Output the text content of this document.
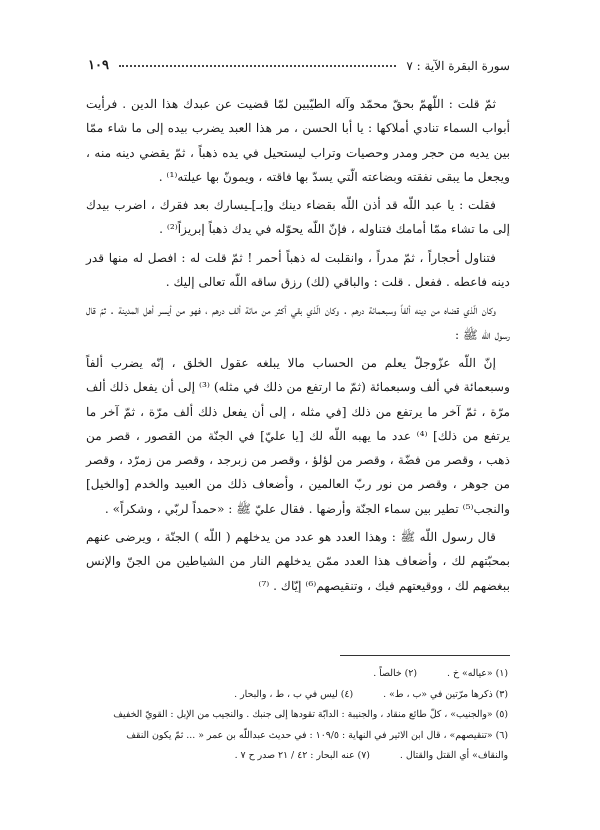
سورة البقرة الآية : ٧
١٠٩

ثمّ قلت : اللّهمّ بحقّ محمّد وآله الطيّبين لمّا قضيت عن عبدك هذا الدين . فرأيت أبواب السماء تنادي أملاكها : يا أبا الحسن ، مر هذا العبد يضرب بيده إلى ما شاء ممّا بين يديه من حجر ومدر وحصيات وتراب ليستحيل في يده ذهباً ، ثمّ يقضي دينه منه ، ويجعل ما يبقى نفقته وبضاعته الّتي يسدّ بها فاقته ، ويمونّ بها عيلته⁽¹⁾ .

فقلت : يا عبد اللّه قد أذن اللّه بقضاء دينك و[بـ]ـيسارك بعد فقرك ، اضرب بيدك إلى ما تشاء ممّا أمامك فتناوله ، فإنّ اللّه يحوّله في يدك ذهباً إبريزاً⁽²⁾ .

فتناول أحجاراً ، ثمّ مدراً ، وانقلبت له ذهباً أحمر ! ثمّ قلت له : افصل له منها قدر دينه فاعطه . ففعل . قلت : والباقي (لك) رزق ساقه اللّه تعالى إليك .

وكان الّذي قضاه من دينه ألفاً وسبعمائة درهم . وكان الّذي بقي أكثر من مائة ألف درهم ، فهو من أيسر أهل المدينة . ثمّ قال رسول اللّه ﷺ :

إنّ اللّه عزّوجلّ يعلم من الحساب مالا يبلغه عقول الخلق ، إنّه يضرب ألفاً وسبعمائة في ألف وسبعمائة (ثمّ ما ارتفع من ذلك في مثله) ⁽³⁾ إلى أن يفعل ذلك ألف مرّة ، ثمّ آخر ما يرتفع من ذلك [في مثله ، إلى أن يفعل ذلك ألف مرّة ، ثمّ آخر ما يرتفع من ذلك] ⁽⁴⁾ عدد ما يهبه اللّه لك [يا عليّ] في الجنّة من القصور ، قصر من ذهب ، وقصر من فضّة ، وقصر من لؤلؤ ، وقصر من زبرجد ، وقصر من زمرّد ، وقصر من جوهر ، وقصر من نور ربّ العالمين ، وأضعاف ذلك من العبيد والخدم [والخيل] والنجب⁽⁵⁾ تطير بين سماء الجنّة وأرضها . فقال عليّ ﷺ : «حمداً لربّي ، وشكراً» .

قال رسول اللّه ﷺ : وهذا العدد هو عدد من يدخلهم ( اللّه ) الجنّة ، ويرضى عنهم بمحبّتهم لك ، وأضعاف هذا العدد ممّن يدخلهم النار من الشياطين من الجنّ والإنس ببغضهم لك ، ووقيعتهم فيك ، وتنقيصهم⁽⁶⁾ إيّاك . ⁽⁷⁾

(١) «عياله» خ .
(٢) خالصاً .
(٣) ذكرها مرّتين في «ب ، ط» .
(٤) ليس في ب ، ط ، والبحار .
(٥) «والجنيب» ، كلّ طائع منقاد ، والجنيبة : الدابّة تقودها إلى جنبك . والنجيب من الإبل : القويّ الخفيف
(٦) «تنقيصهم» ، قال ابن الاثير في النهاية : ١٠٩/٥ : في حديث عبداللّه بن عمر « ... ثمّ يكون النقف
والنقاف» أي القتل والقتال .
(٧) عنه البحار : ٤٢ / ٢١ صدر ح ٧ .
